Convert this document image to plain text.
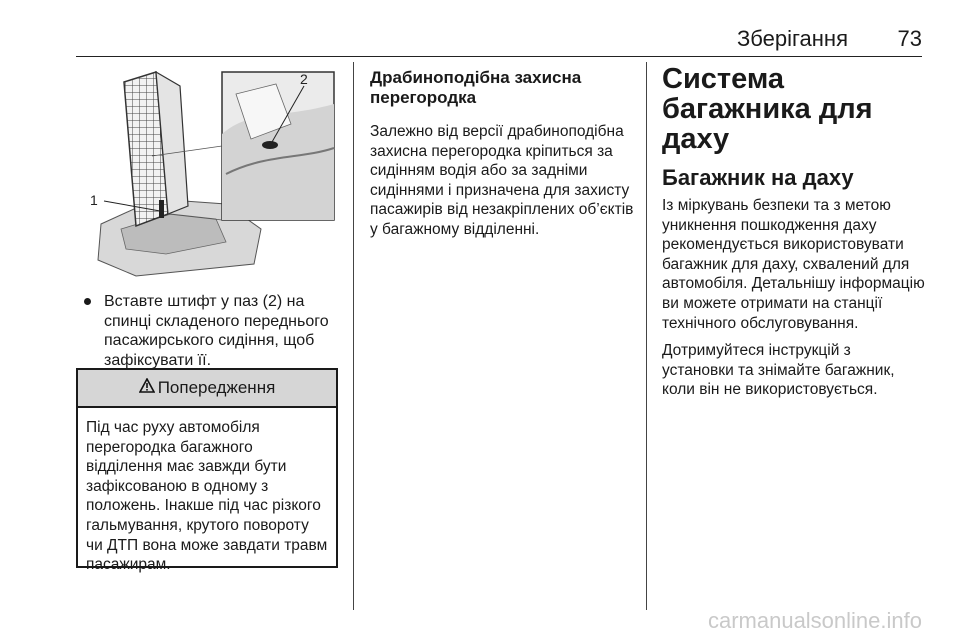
Зберігання 73
1
2
Вставте штифт у паз (2) на спинці складеного переднього пасажирського сидіння, щоб зафіксувати її.
Попередження
Під час руху автомобіля перегородка багажного відділення має завжди бути зафіксованою в одному з положень. Інакше під час різкого гальмування, крутого повороту чи ДТП вона може завдати травм пасажирам.
Драбиноподібна захисна перегородка

Залежно від версії драбиноподібна захисна перегородка кріпиться за сидінням водія або за задніми сидіннями і призначена для захисту пасажирів від незакріплених об’єктів у багажному відділенні.

Система багажника для даху
Багажник на даху

Із міркувань безпеки та з метою уникнення пошкодження даху рекомендується використовувати багажник для даху, схвалений для автомобіля. Детальнішу інформацію ви можете отримати на станції технічного обслуговування.

Дотримуйтеся інструкцій з установки та знімайте багажник, коли він не використовується.

carmanualsonline.info
